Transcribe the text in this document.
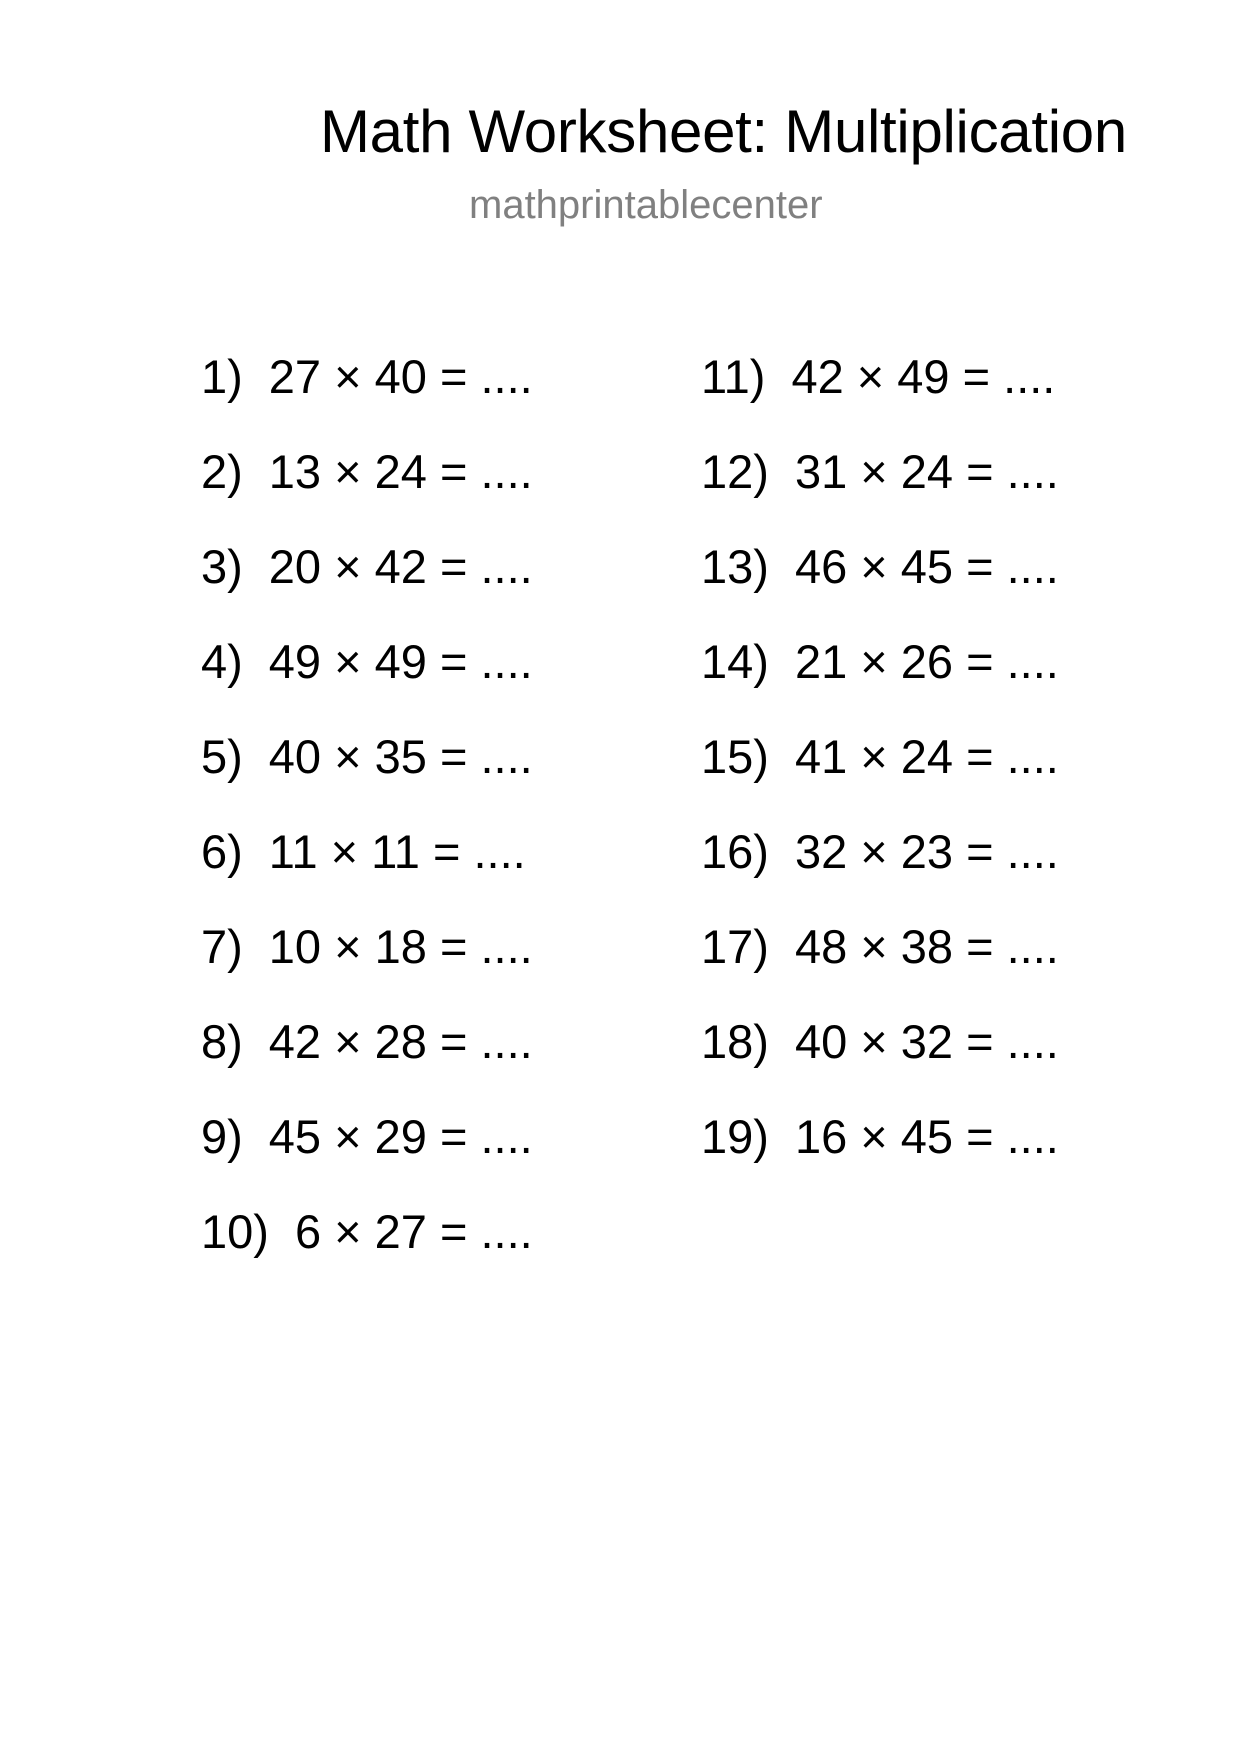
Math Worksheet: Multiplication
mathprintablecenter
1) 27 × 40 = ....
2) 13 × 24 = ....
3) 20 × 42 = ....
4) 49 × 49 = ....
5) 40 × 35 = ....
6) 11 × 11 = ....
7) 10 × 18 = ....
8) 42 × 28 = ....
9) 45 × 29 = ....
10) 6 × 27 = ....
11) 42 × 49 = ....
12) 31 × 24 = ....
13) 46 × 45 = ....
14) 21 × 26 = ....
15) 41 × 24 = ....
16) 32 × 23 = ....
17) 48 × 38 = ....
18) 40 × 32 = ....
19) 16 × 45 = ....
